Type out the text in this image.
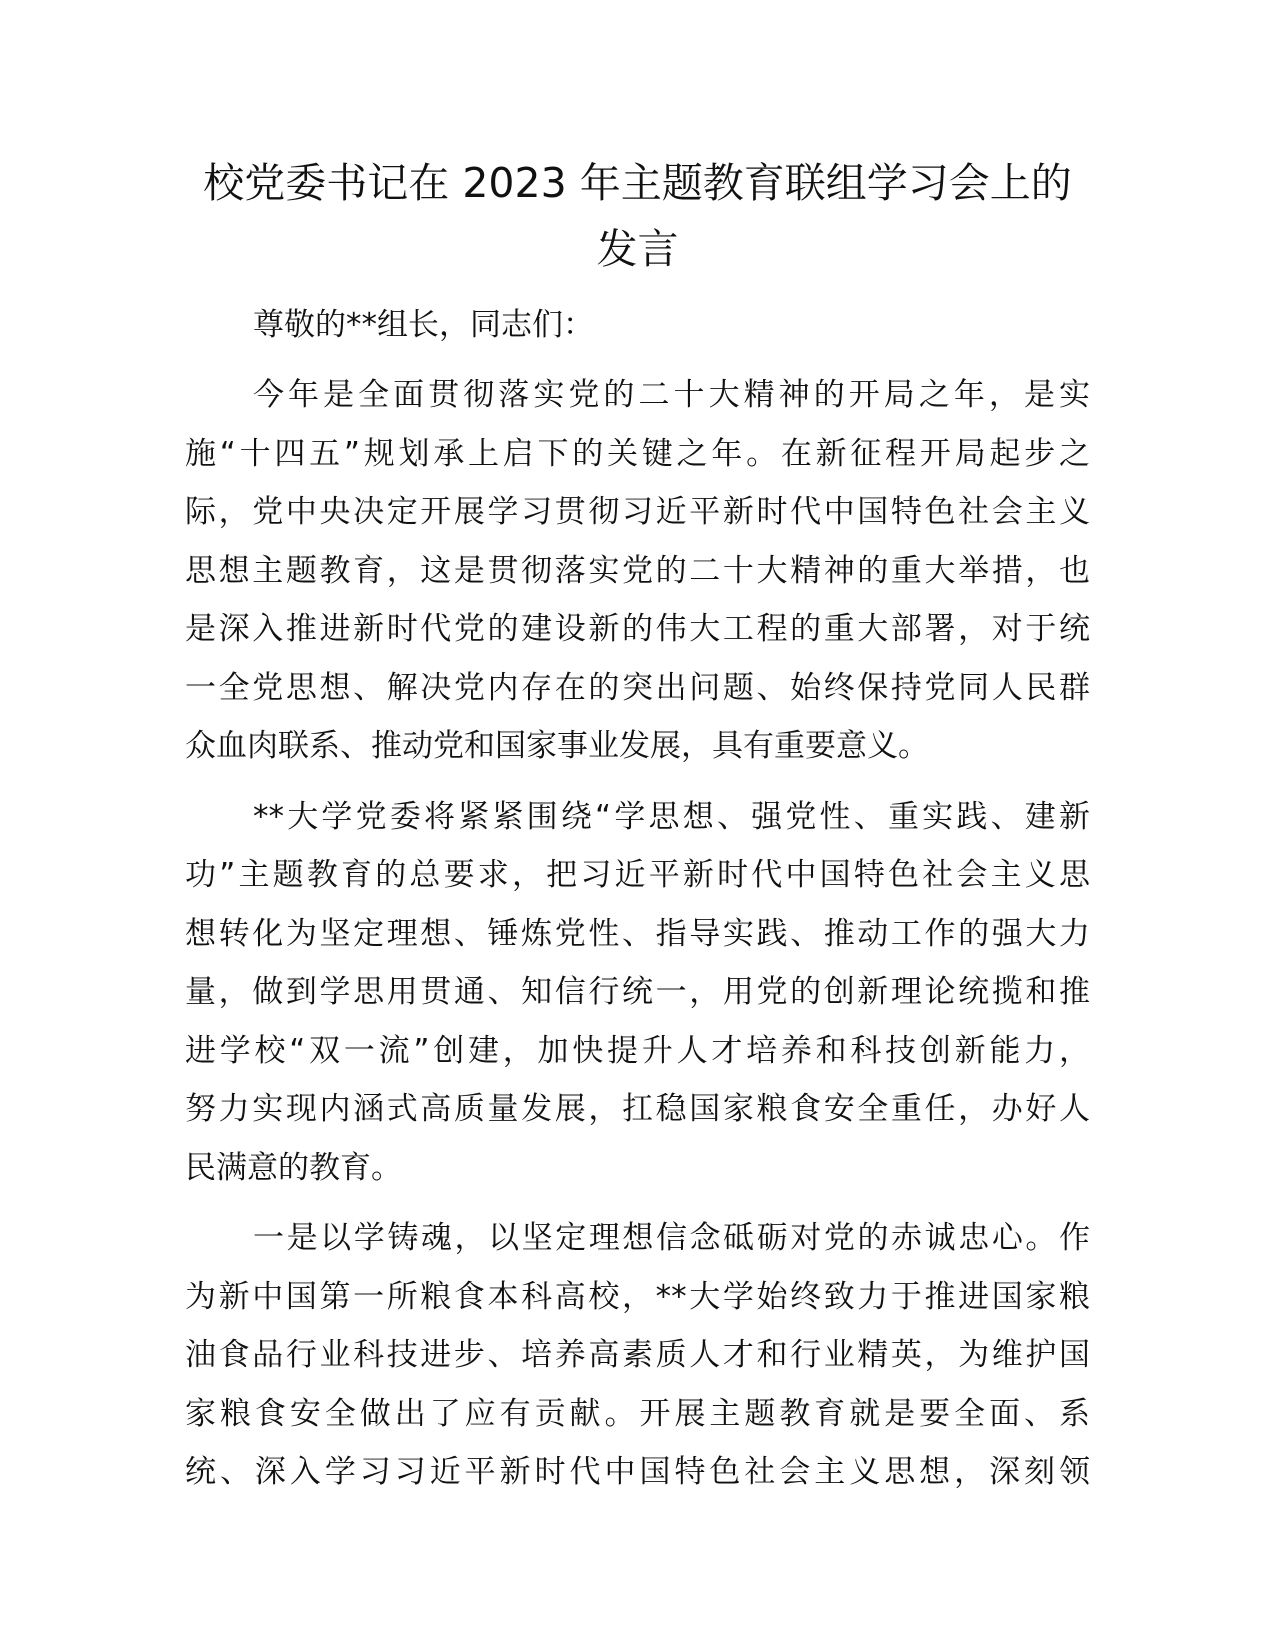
校党委书记在 2023 年主题教育联组学习会上的
发言

尊敬的**组长，同志们：

今年是全面贯彻落实党的二十大精神的开局之年，是实
施“十四五”规划承上启下的关键之年。在新征程开局起步之
际，党中央决定开展学习贯彻习近平新时代中国特色社会主义
思想主题教育，这是贯彻落实党的二十大精神的重大举措，也
是深入推进新时代党的建设新的伟大工程的重大部署，对于统
一全党思想、解决党内存在的突出问题、始终保持党同人民群
众血肉联系、推动党和国家事业发展，具有重要意义。

**大学党委将紧紧围绕“学思想、强党性、重实践、建新
功”主题教育的总要求，把习近平新时代中国特色社会主义思
想转化为坚定理想、锤炼党性、指导实践、推动工作的强大力
量，做到学思用贯通、知信行统一，用党的创新理论统揽和推
进学校“双一流”创建，加快提升人才培养和科技创新能力，
努力实现内涵式高质量发展，扛稳国家粮食安全重任，办好人
民满意的教育。

一是以学铸魂，以坚定理想信念砥砺对党的赤诚忠心。作
为新中国第一所粮食本科高校，**大学始终致力于推进国家粮
油食品行业科技进步、培养高素质人才和行业精英，为维护国
家粮食安全做出了应有贡献。开展主题教育就是要全面、系
统、深入学习习近平新时代中国特色社会主义思想，深刻领
